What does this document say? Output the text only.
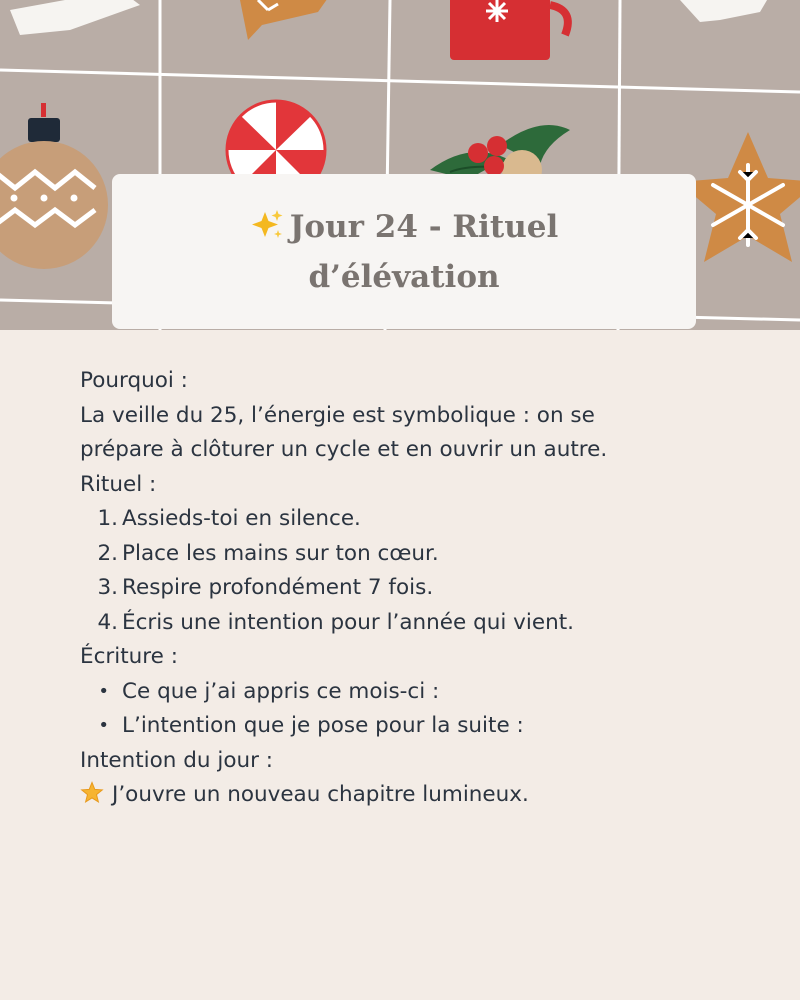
Jour 24 - Rituel
d’élévation
Pourquoi :
La veille du 25, l’énergie est symbolique : on se
prépare à clôturer un cycle et en ouvrir un autre.
Rituel :
1. Assieds-toi en silence.
2. Place les mains sur ton cœur.
3. Respire profondément 7 fois.
4. Écris une intention pour l’année qui vient.
Écriture :
• Ce que j’ai appris ce mois-ci :
• L’intention que je pose pour la suite :
Intention du jour :
J’ouvre un nouveau chapitre lumineux.
